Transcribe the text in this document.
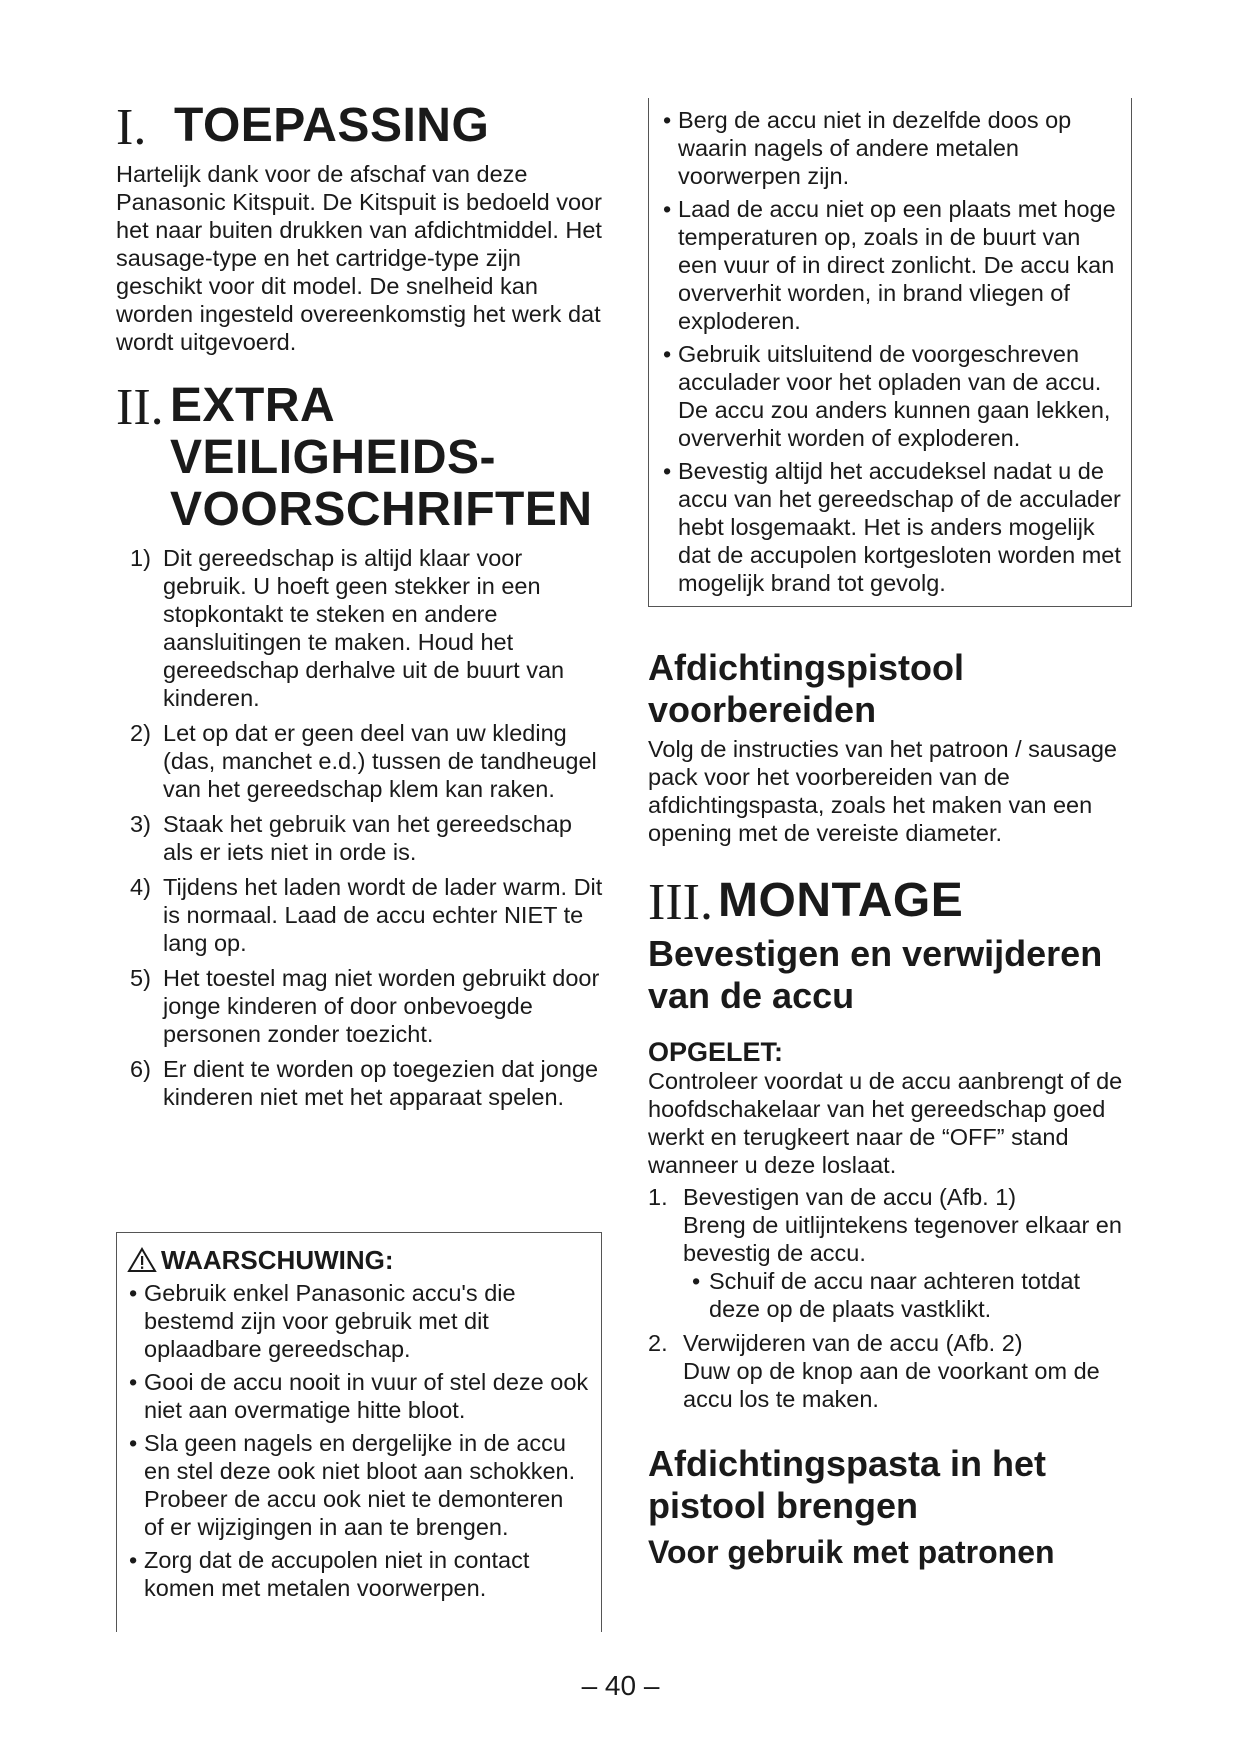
I. TOEPASSING

Hartelijk dank voor de afschaf van deze Panasonic Kitspuit. De Kitspuit is bedoeld voor het naar buiten drukken van afdichtmiddel. Het sausage-type en het cartridge-type zijn geschikt voor dit model. De snelheid kan worden ingesteld overeenkomstig het werk dat wordt uitgevoerd.

II. EXTRA
VEILIGHEIDS-
VOORSCHRIFTEN
1) Dit gereedschap is altijd klaar voor gebruik. U hoeft geen stekker in een stopkontakt te steken en andere aansluitingen te maken. Houd het gereedschap derhalve uit de buurt van kinderen.
2) Let op dat er geen deel van uw kleding (das, manchet e.d.) tussen de tandheugel van het gereedschap klem kan raken.
3) Staak het gebruik van het gereedschap als er iets niet in orde is.
4) Tijdens het laden wordt de lader warm. Dit is normaal. Laad de accu echter NIET te lang op.
5) Het toestel mag niet worden gebruikt door jonge kinderen of door onbevoegde personen zonder toezicht.
6) Er dient te worden op toegezien dat jonge kinderen niet met het apparaat spelen.
WAARSCHUWING:
• Gebruik enkel Panasonic accu's die bestemd zijn voor gebruik met dit oplaadbare gereedschap.
• Gooi de accu nooit in vuur of stel deze ook niet aan overmatige hitte bloot.
• Sla geen nagels en dergelijke in de accu en stel deze ook niet bloot aan schokken. Probeer de accu ook niet te demonteren of er wijzigingen in aan te brengen.
• Zorg dat de accupolen niet in contact komen met metalen voorwerpen.
• Berg de accu niet in dezelfde doos op waarin nagels of andere metalen voorwerpen zijn.
• Laad de accu niet op een plaats met hoge temperaturen op, zoals in de buurt van een vuur of in direct zonlicht. De accu kan oververhit worden, in brand vliegen of exploderen.
• Gebruik uitsluitend de voorgeschreven acculader voor het opladen van de accu. De accu zou anders kunnen gaan lekken, oververhit worden of exploderen.
• Bevestig altijd het accudeksel nadat u de accu van het gereedschap of de acculader hebt losgemaakt. Het is anders mogelijk dat de accupolen kortgesloten worden met mogelijk brand tot gevolg.
Afdichtingspistool voorbereiden

Volg de instructies van het patroon / sausage pack voor het voorbereiden van de afdichtingspasta, zoals het maken van een opening met de vereiste diameter.

III. MONTAGE
Bevestigen en verwijderen van de accu
OPGELET:

Controleer voordat u de accu aanbrengt of de hoofdschakelaar van het gereedschap goed werkt en terugkeert naar de “OFF” stand wanneer u deze loslaat.

1. Bevestigen van de accu (Afb. 1)
Breng de uitlijntekens tegenover elkaar en bevestig de accu.
• Schuif de accu naar achteren totdat deze op de plaats vastklikt.
2. Verwijderen van de accu (Afb. 2)
Duw op de knop aan de voorkant om de accu los te maken.
Afdichtingspasta in het pistool brengen
Voor gebruik met patronen
– 40 –
